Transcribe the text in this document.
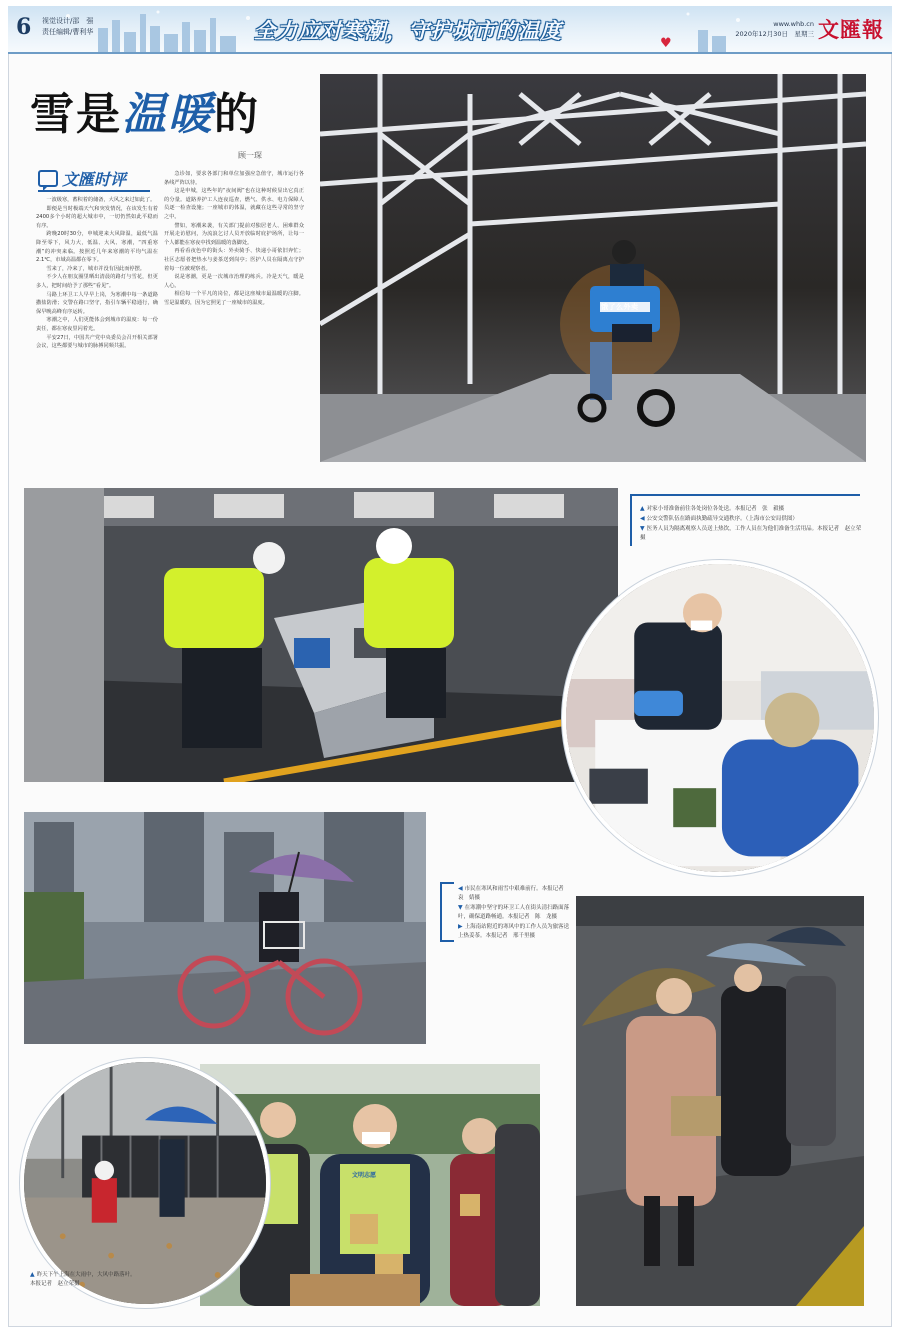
6 视觉设计/邵　强
责任编辑/曹利华	全力应对寒潮，守护城市的温度
♥
www.whb.cn
2020年12月30日　星期三 文匯報
雪是温暖的
顾一琛
文匯时评

一波级寒，蓄积着的储备，大风之来过如此了。

即便是当时极端天气和突发情况，在该发生有着2400多个小时的超大城市中，一切仍然如此平稳而有序。

跨晚20时30分，申城迎来大风降温，最低气温降至零下，风力大，低温、大风、寒潮，“四重寒潮”的冲突来临。按照近几年来寒潮的平均气温在2.1℃，市域高温都在零下。

雪来了，冷来了，城市并没有因此而停摆。

不少人在朋友圈里晒出清晨的路灯与雪花，但更多人，把时间给予了那些“看见”。

马路上环卫工人早早上岗，为寒潮中每一条道路撒盐防滑；交警在路口坚守，指引车辆平稳通行，确保早晚高峰有序运转。

寒潮之中，人们更能体会到城市的温度：每一份责任，都在寒夜里闪着光。

平安27日，中国共产党中央委员会召开相关部署会议，这些都要与城市的脉搏同频共振。

急诊如，要求各部门和单位加强应急值守，城市运行各条线严阵以待。

这是申城，这些年的“夜间阀”也在这种时候显出它真正的分量。道路养护工人连夜巡查，燃气、供水、电力保障人员逐一检查设施；一座城市的体温，就藏在这些寻常的坚守之中。

譬如，寒潮来袭，有关部门提前对独居老人、困难群众开展走访慰问，为流浪乞讨人员开放临时庇护场所，让每一个人都能在寒夜中找到温暖的落脚处。

再看看夜色中的街头：外卖骑手、快递小哥依旧奔忙；社区志愿者把热水与姜茶送到岗亭；医护人员在隔离点守护着每一位被观察者。

说是寒潮，更是一次城市治理的练兵。冷是天气，暖是人心。

相信每一个平凡的岗位，都是这座城市最温暖的注脚。雪是温暖的，因为它照见了一座城市的温度。

饿了么外卖
▲ 对家小哥准备前往各处岗位各处送。本报记者　张　毅摄
◀ 公安交警队伍在路面执勤疏导交通秩序。（上海市公安局供图）
▼ 医务人员为隔离观察人员送上热饮，工作人员在为他们准备生活用品。本报记者　赵立荣摄
◀ 市民在寒风和雨雪中艰难前行。本报记者　袁　婧摄
▼ 在寒潮中坚守的环卫工人在街头清扫路面落叶，确保道路畅通。本报记者　陈　龙摄
▶ 上海南站附近的寒风中的工作人员为旅客送上热姜茶。本报记者　邢千里摄
文明志愿
▲ 昨天下午上海在大雨中，大风中路落叶。
本报记者　赵立荣摄
